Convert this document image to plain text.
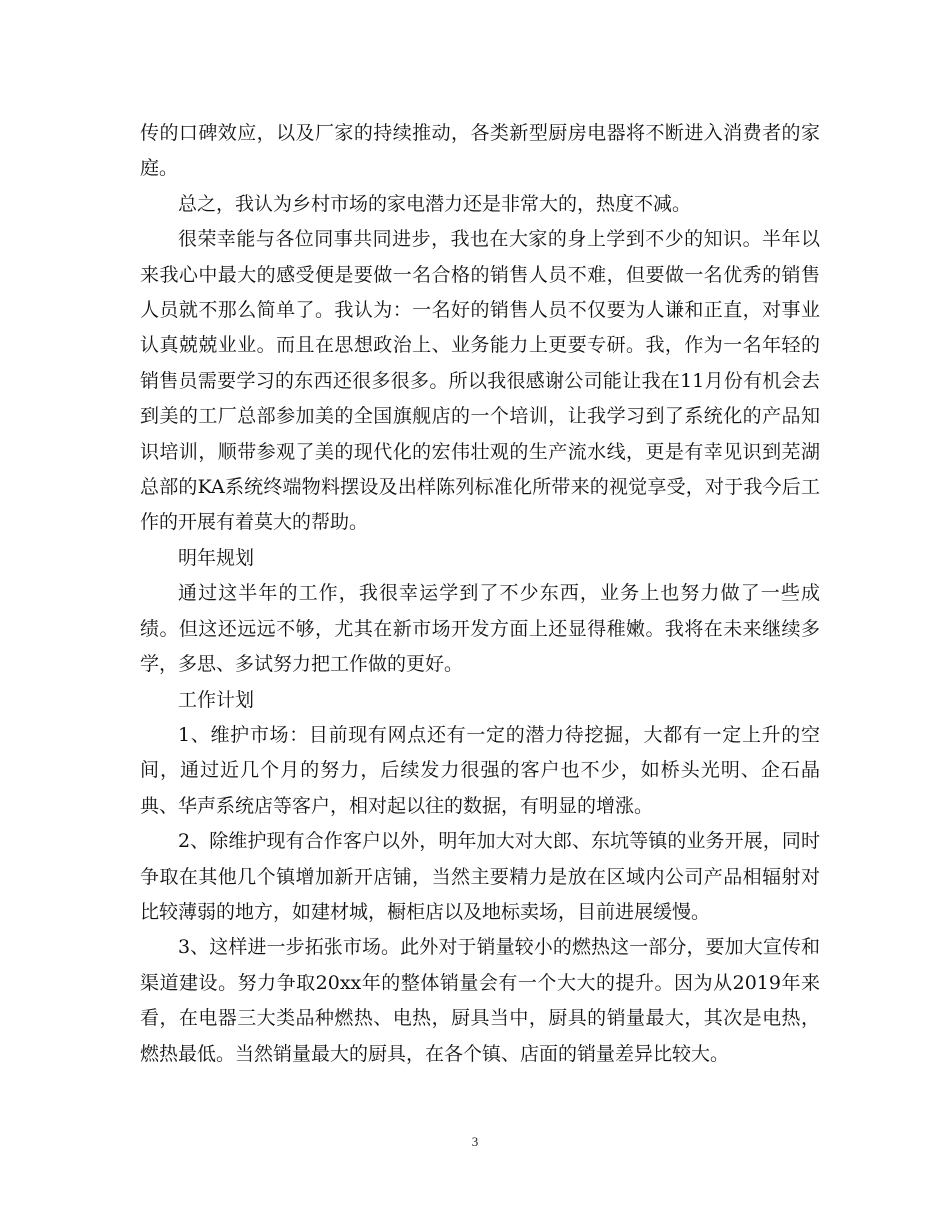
传的口碑效应，以及厂家的持续推动，各类新型厨房电器将不断进入消费者的家庭。

总之，我认为乡村市场的家电潜力还是非常大的，热度不减。

很荣幸能与各位同事共同进步，我也在大家的身上学到不少的知识。半年以来我心中最大的感受便是要做一名合格的销售人员不难，但要做一名优秀的销售人员就不那么简单了。我认为：一名好的销售人员不仅要为人谦和正直，对事业认真兢兢业业。而且在思想政治上、业务能力上更要专研。我，作为一名年轻的销售员需要学习的东西还很多很多。所以我很感谢公司能让我在11月份有机会去到美的工厂总部参加美的全国旗舰店的一个培训，让我学习到了系统化的产品知识培训，顺带参观了美的现代化的宏伟壮观的生产流水线，更是有幸见识到芜湖总部的KA系统终端物料摆设及出样陈列标准化所带来的视觉享受，对于我今后工作的开展有着莫大的帮助。

明年规划

通过这半年的工作，我很幸运学到了不少东西，业务上也努力做了一些成绩。但这还远远不够，尤其在新市场开发方面上还显得稚嫩。我将在未来继续多学，多思、多试努力把工作做的更好。

工作计划

1、维护市场：目前现有网点还有一定的潜力待挖掘，大都有一定上升的空间，通过近几个月的努力，后续发力很强的客户也不少，如桥头光明、企石晶典、华声系统店等客户，相对起以往的数据，有明显的增涨。

2、除维护现有合作客户以外，明年加大对大郎、东坑等镇的业务开展，同时争取在其他几个镇增加新开店铺，当然主要精力是放在区域内公司产品相辐射对比较薄弱的地方，如建材城，橱柜店以及地标卖场，目前进展缓慢。

3、这样进一步拓张市场。此外对于销量较小的燃热这一部分，要加大宣传和渠道建设。努力争取20xx年的整体销量会有一个大大的提升。因为从2019年来看，在电器三大类品种燃热、电热，厨具当中，厨具的销量最大，其次是电热，燃热最低。当然销量最大的厨具，在各个镇、店面的销量差异比较大。

3
